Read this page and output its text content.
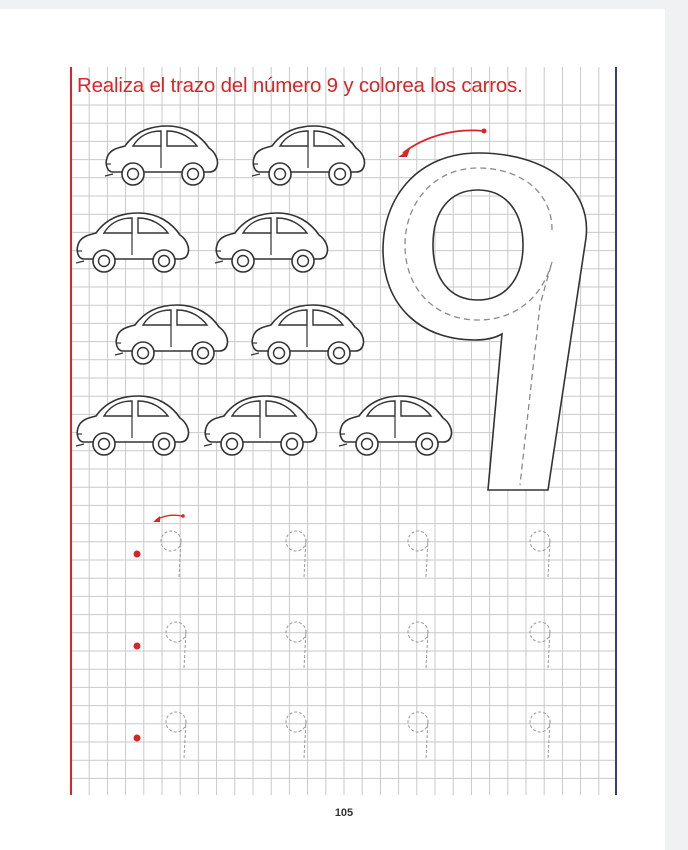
Realiza el trazo del número 9 y colorea los carros.
105
